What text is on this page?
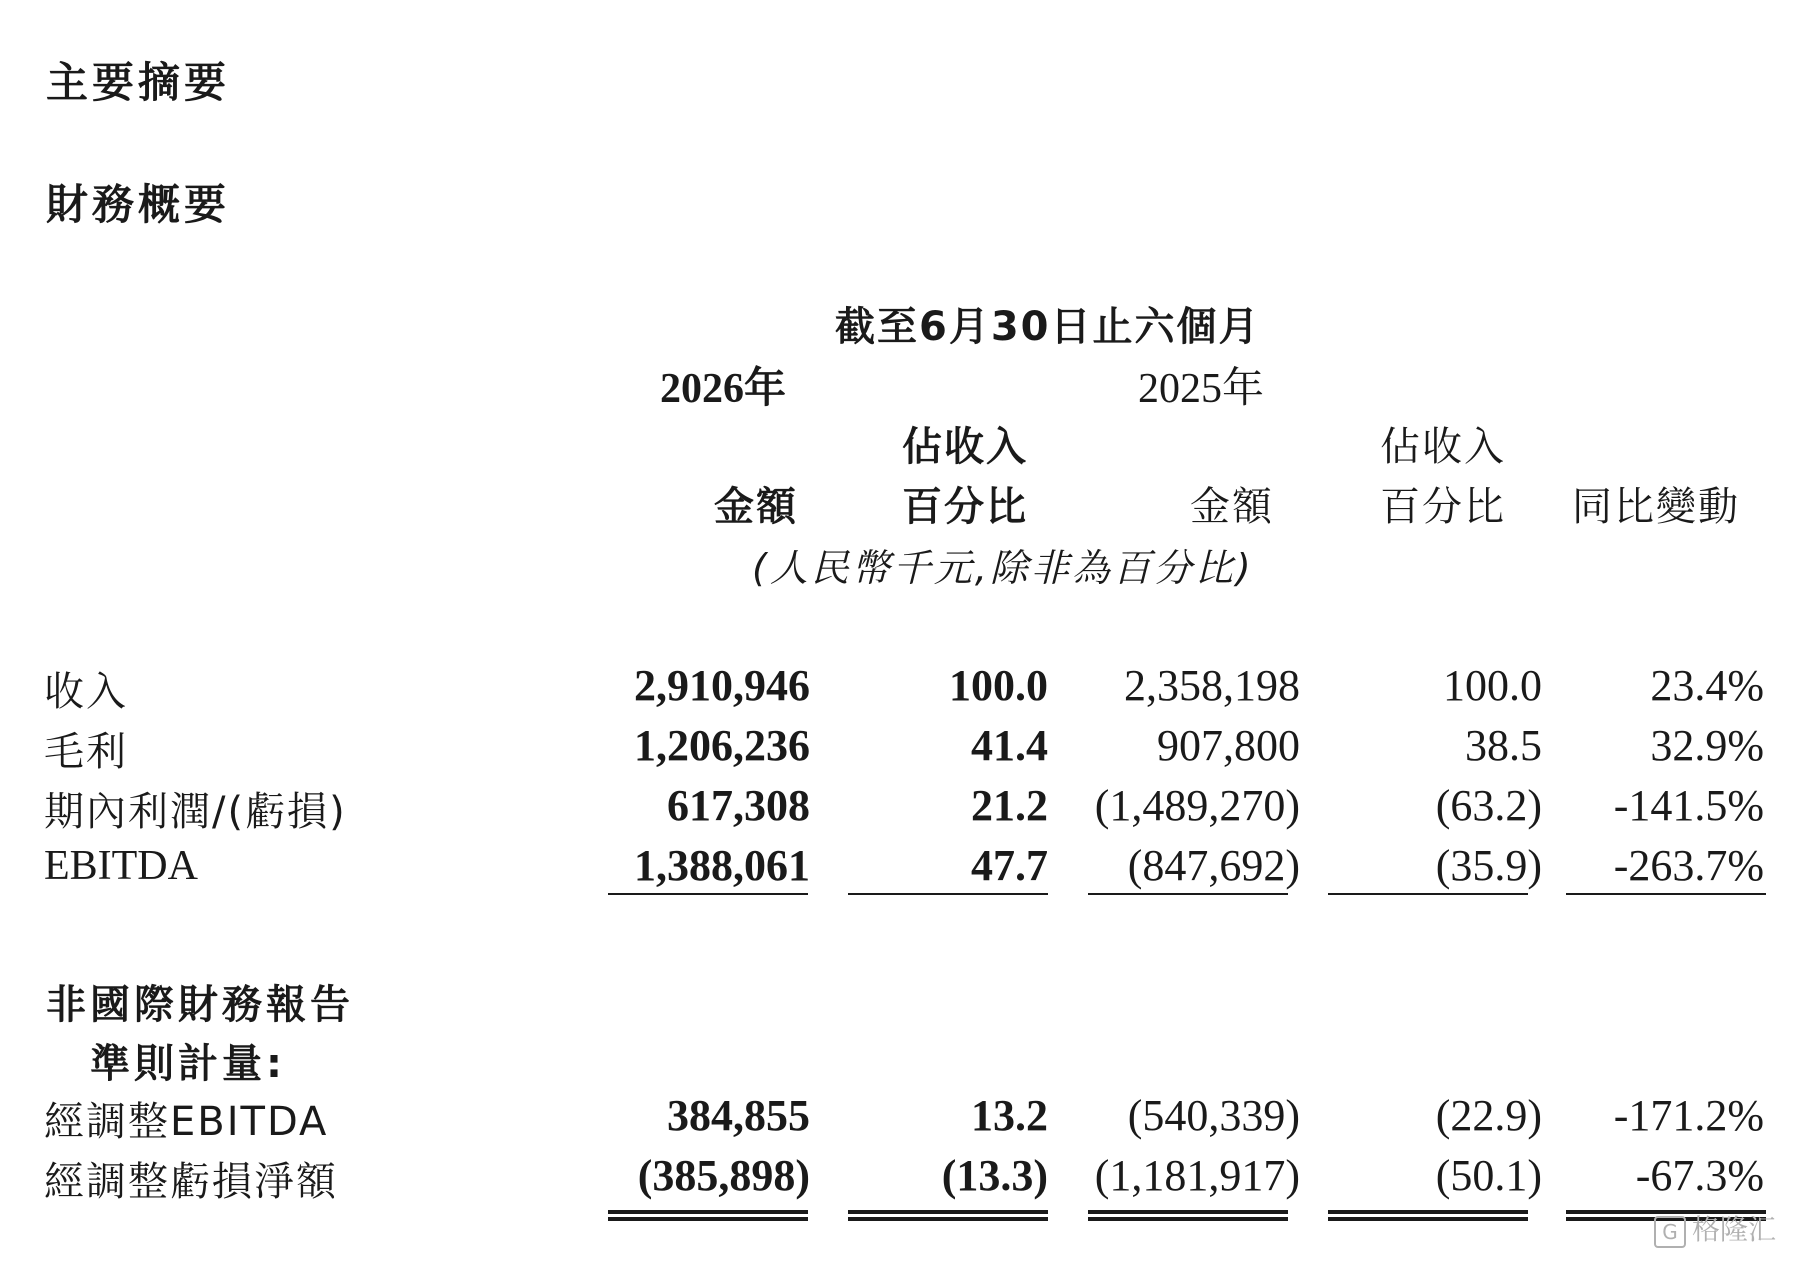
主要摘要
財務概要
截至6月30日止六個月
2026年	2025年
佔收入	佔收入
金額	百分比	金額	百分比 同比變動
(人民幣千元,除非為百分比)
收入	2,910,946	100.0 2,358,198	100.0 23.4%
毛利	1,206,236	41.4 907,800	38.5 32.9%
期內利潤/(虧損)	617,308	21.2 (1,489,270)	(63.2) -141.5%
EBITDA	1,388,061	47.7 (847,692)	(35.9) -263.7%
非國際財務報告
準則計量:
經調整EBITDA	384,855	13.2 (540,339)	(22.9) -171.2%
經調整虧損淨額	(385,898)	(13.3) (1,181,917)	(50.1) -67.3%
G 格隆汇
